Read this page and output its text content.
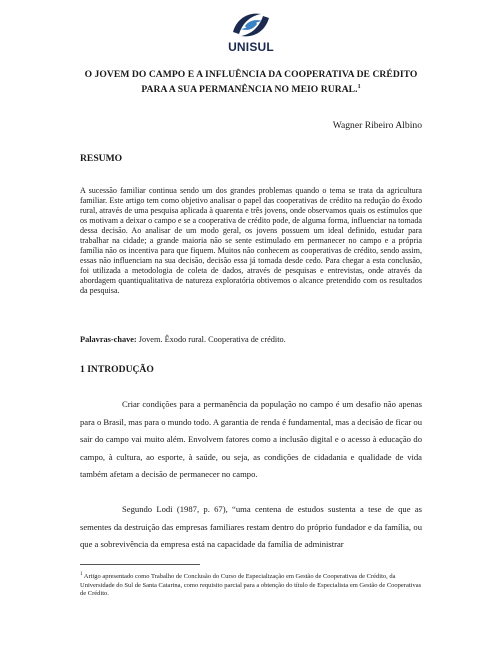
UNISUL
O JOVEM DO CAMPO E A INFLUÊNCIA DA COOPERATIVA DE CRÉDITO
PARA A SUA PERMANÊNCIA NO MEIO RURAL.$^1$
Wagner Ribeiro Albino
RESUMO

A sucessão familiar continua sendo um dos grandes problemas quando o tema se trata da agricultura familiar. Este artigo tem como objetivo analisar o papel das cooperativas de crédito na redução do êxodo rural, através de uma pesquisa aplicada à quarenta e três jovens, onde observamos quais os estímulos que os motivam a deixar o campo e se a cooperativa de crédito pode, de alguma forma, influenciar na tomada dessa decisão. Ao analisar de um modo geral, os jovens possuem um ideal definido, estudar para trabalhar na cidade; a grande maioria não se sente estimulado em permanecer no campo e a própria família não os incentiva para que fiquem. Muitos não conhecem as cooperativas de crédito, sendo assim, essas não influenciam na sua decisão, decisão essa já tomada desde cedo. Para chegar a esta conclusão, foi utilizada a metodologia de coleta de dados, através de pesquisas e entrevistas, onde através da abordagem quantiqualitativa de natureza exploratória obtivemos o alcance pretendido com os resultados da pesquisa.

Palavras-chave: Jovem. Êxodo rural. Cooperativa de crédito.
1 INTRODUÇÃO

Criar condições para a permanência da população no campo é um desafio não apenas para o Brasil, mas para o mundo todo. A garantia de renda é fundamental, mas a decisão de ficar ou sair do campo vai muito além. Envolvem fatores como a inclusão digital e o acesso à educação do campo, à cultura, ao esporte, à saúde, ou seja, as condições de cidadania e qualidade de vida também afetam a decisão de permanecer no campo.

Segundo Lodi (1987, p. 67), “uma centena de estudos sustenta a tese de que as sementes da destruição das empresas familiares restam dentro do próprio fundador e da família, ou que a sobrevivência da empresa está na capacidade da família de administrar

$^1$ Artigo apresentado como Trabalho de Conclusão do Curso de Especialização em Gestão de Cooperativas de Crédito, da Universidade do Sul de Santa Catarina, como requisito parcial para a obtenção do título de Especialista em Gestão de Cooperativas de Crédito.
